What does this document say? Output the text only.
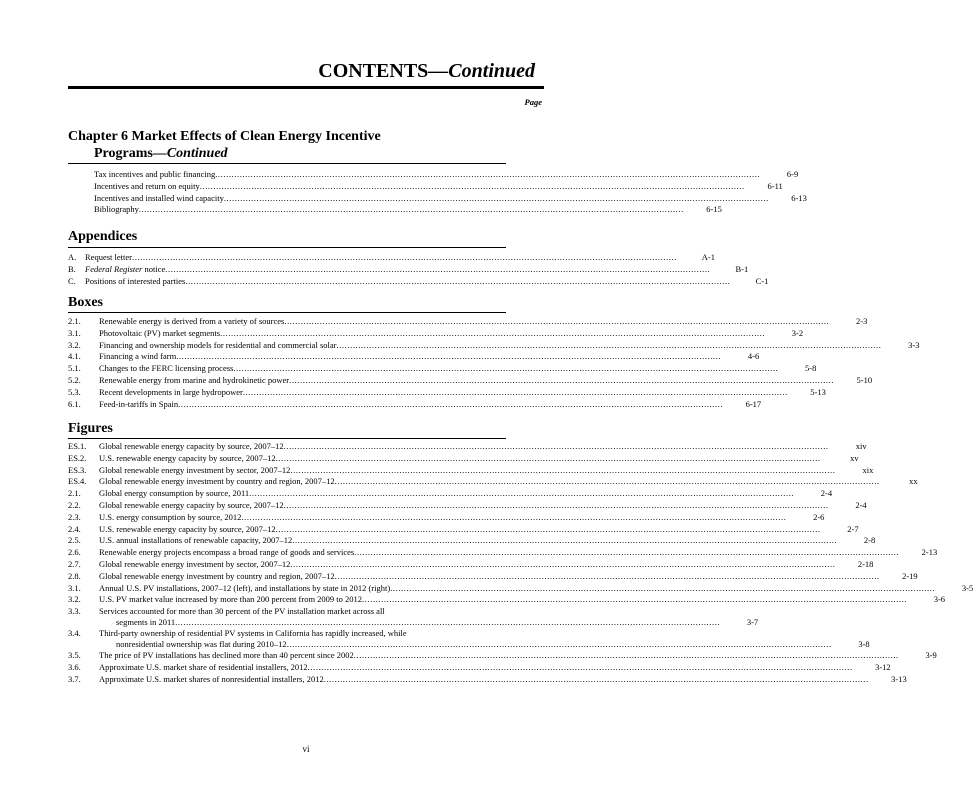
CONTENTS—Continued
Page
Chapter 6 Market Effects of Clean Energy Incentive
Programs—Continued
Tax incentives and public financing .....	6-9
Incentives and return on equity .....	6-11
Incentives and installed wind capacity .....	6-13
Bibliography .....	6-15
Appendices
A.	Request letter .....	A-1
B.	Federal Register notice .....	B-1
C.	Positions of interested parties .....	C-1
Boxes
2.1.	Renewable energy is derived from a variety of sources .....	2-3
3.1.	Photovoltaic (PV) market segments .....	3-2
3.2.	Financing and ownership models for residential and commercial solar .....	3-3
4.1.	Financing a wind farm .....	4-6
5.1.	Changes to the FERC licensing process .....	5-8
5.2.	Renewable energy from marine and hydrokinetic power .....	5-10
5.3.	Recent developments in large hydropower .....	5-13
6.1.	Feed-in-tariffs in Spain .....	6-17
Figures
ES.1.	Global renewable energy capacity by source, 2007–12 .....	xiv
ES.2.	U.S. renewable energy capacity by source, 2007–12 .....	xv
ES.3.	Global renewable energy investment by sector, 2007–12 .....	xix
ES.4.	Global renewable energy investment by country and region, 2007–12 .....	xx
2.1.	Global energy consumption by source, 2011 .....	2-4
2.2.	Global renewable energy capacity by source, 2007–12 .....	2-4
2.3.	U.S. energy consumption by source, 2012 .....	2-6
2.4.	U.S. renewable energy capacity by source, 2007–12 .....	2-7
2.5.	U.S. annual installations of renewable capacity, 2007–12 .....	2-8
2.6.	Renewable energy projects encompass a broad range of goods and services .....	2-13
2.7.	Global renewable energy investment by sector, 2007–12 .....	2-18
2.8.	Global renewable energy investment by country and region, 2007–12 .....	2-19
3.1.	Annual U.S. PV installations, 2007–12 (left), and installations by state in 2012 (right) .....	3-5
3.2.	U.S. PV market value increased by more than 200 percent from 2009 to 2012 .....	3-6
3.3.	Services accounted for more than 30 percent of the PV installation market across all
segments in 2011 .....	3-7
3.4.	Third-party ownership of residential PV systems in California has rapidly increased, while
nonresidential ownership was flat during 2010–12 .....	3-8
3.5.	The price of PV installations has declined more than 40 percent since 2002 .....	3-9
3.6.	Approximate U.S. market share of residential installers, 2012 .....	3-12
3.7.	Approximate U.S. market shares of nonresidential installers, 2012 .....	3-13
vi
